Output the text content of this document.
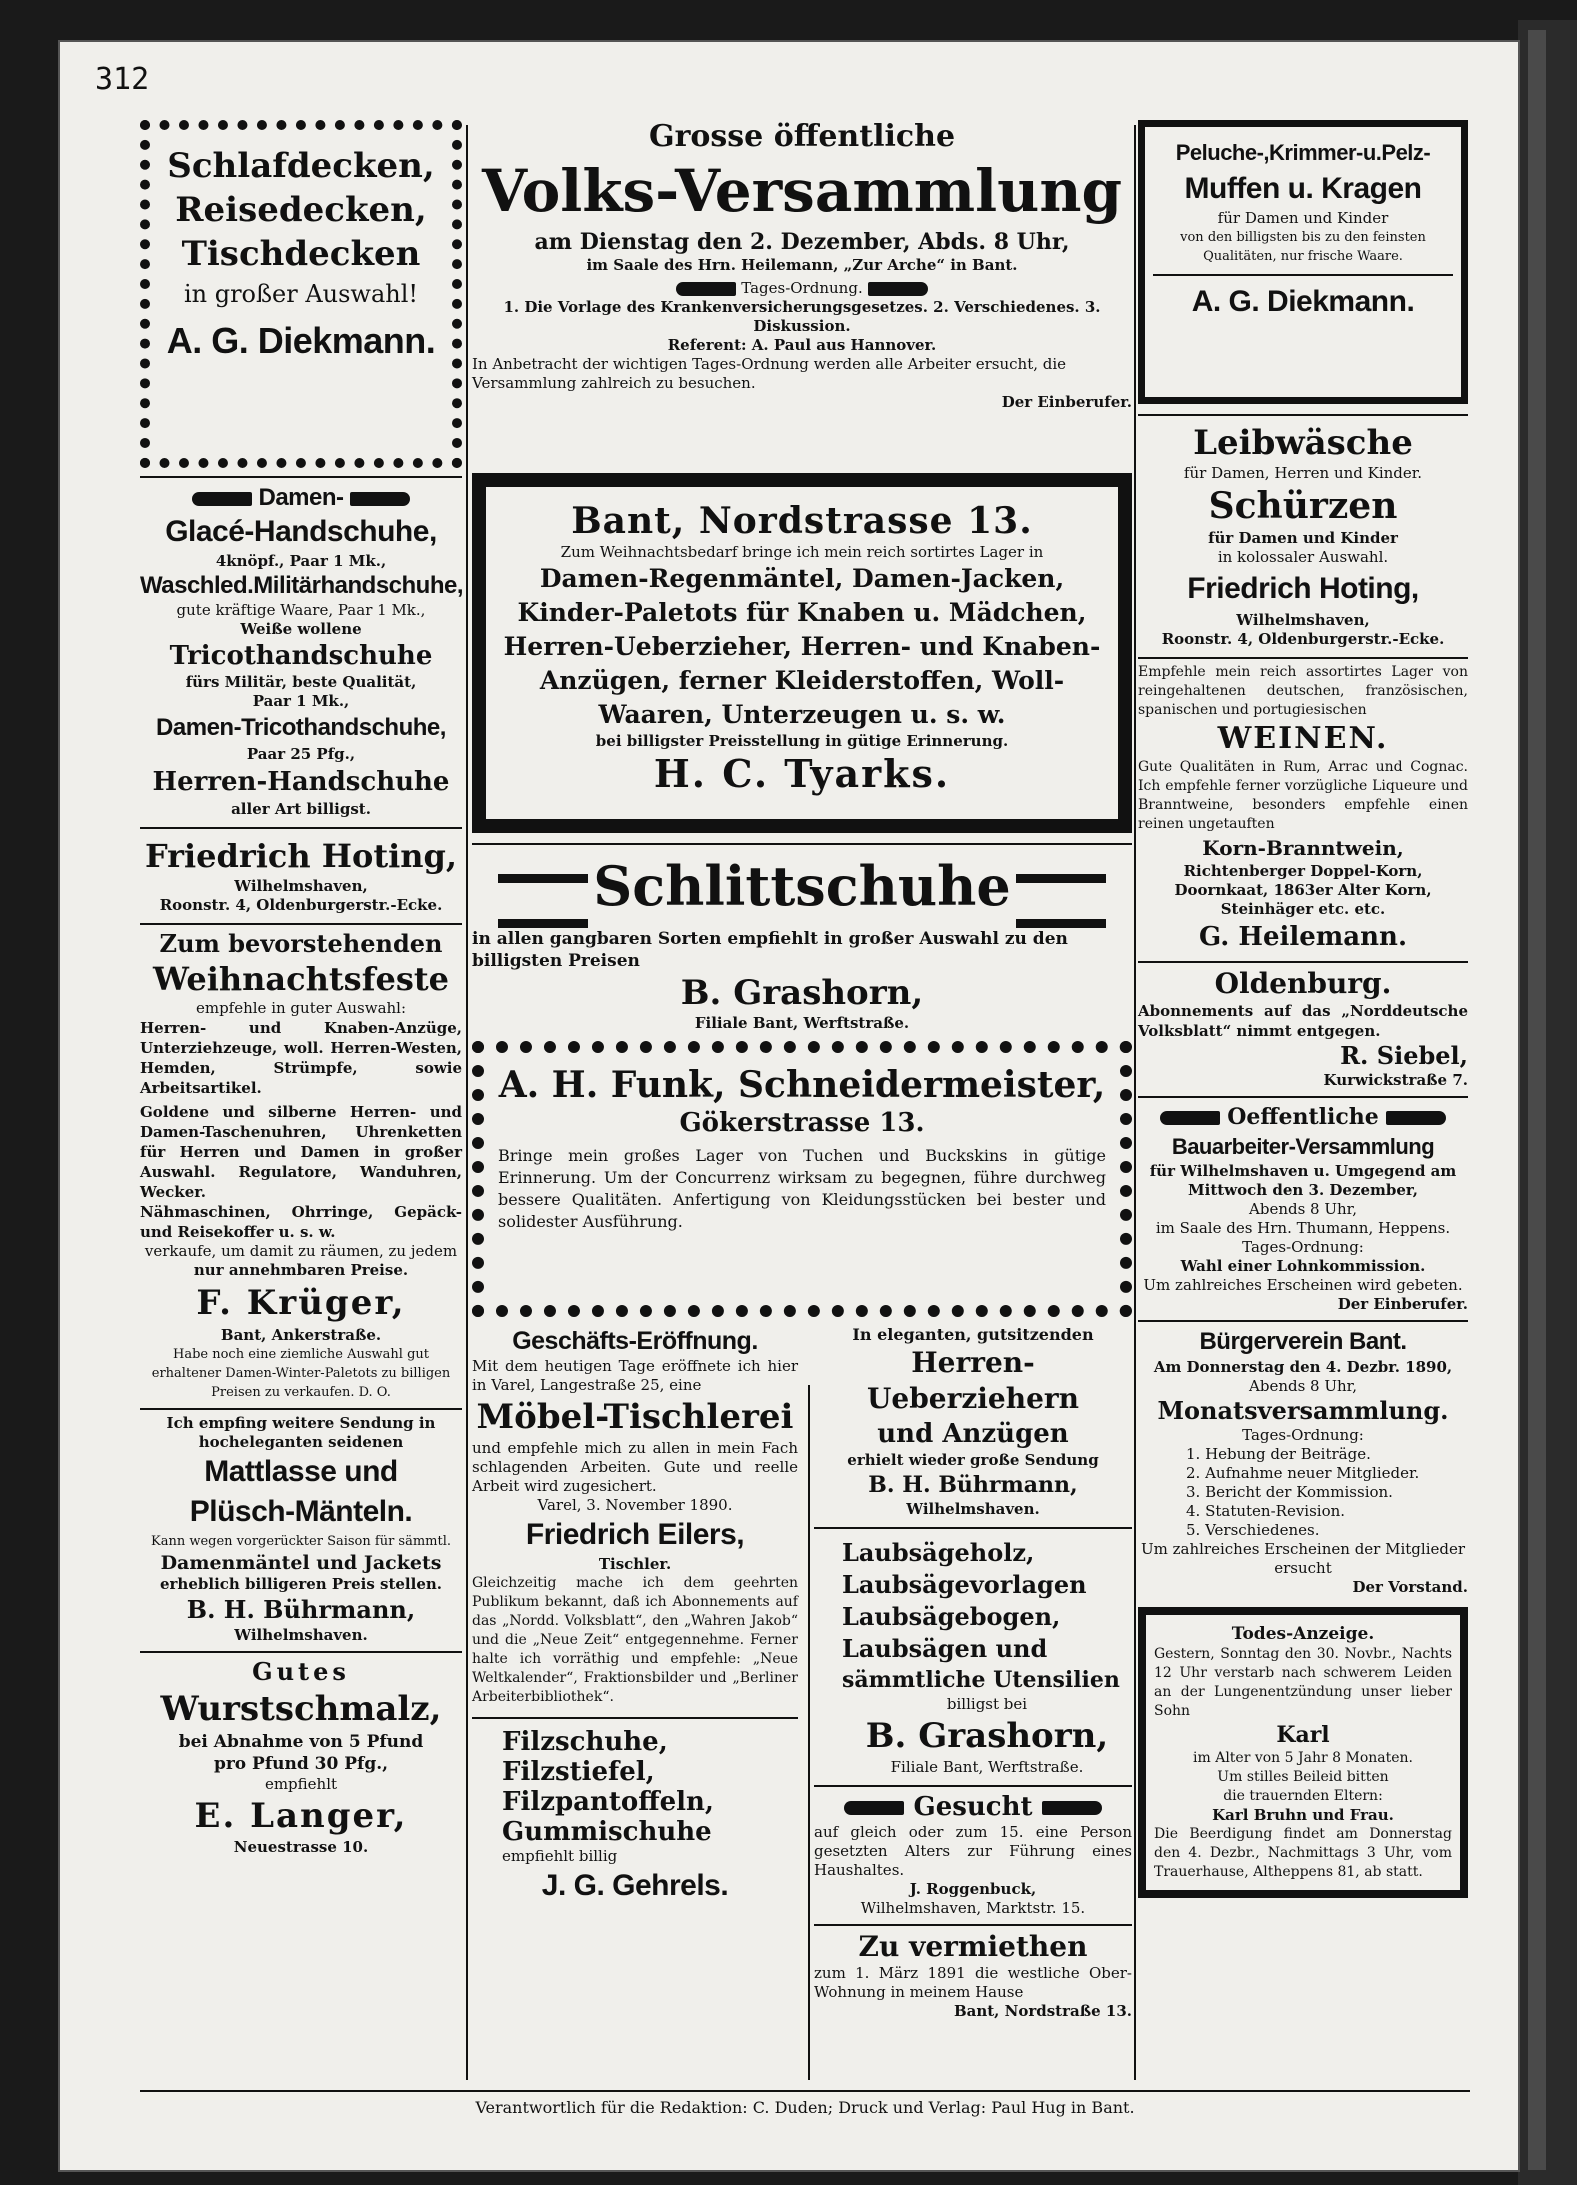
312
Schlafdecken,
Reisedecken,
Tischdecken
in großer Auswahl!
A. G. Diekmann.
Damen-
Glacé-Handschuhe,
4knöpf., Paar 1 Mk.,
Waschled.Militärhandschuhe,
gute kräftige Waare, Paar 1 Mk.,
Weiße wollene
Tricothandschuhe
fürs Militär, beste Qualität,
Paar 1 Mk.,
Damen-Tricothandschuhe,
Paar 25 Pfg.,
Herren-Handschuhe
aller Art billigst.
Friedrich Hoting,
Wilhelmshaven,
Roonstr. 4, Oldenburgerstr.-Ecke.
Zum bevorstehenden
Weihnachtsfeste
empfehle in guter Auswahl:
Herren- und Knaben-Anzüge, Unterziehzeuge, woll. Herren-Westen, Hemden, Strümpfe, sowie Arbeitsartikel.
Goldene und silberne Herren- und Damen-Taschenuhren, Uhrenketten für Herren und Damen in großer Auswahl. Regulatore, Wanduhren, Wecker.
Nähmaschinen, Ohrringe, Gepäck- und Reisekoffer u. s. w.
verkaufe, um damit zu räumen, zu jedem
nur annehmbaren Preise.
F. Krüger,
Bant, Ankerstraße.
Habe noch eine ziemliche Auswahl gut erhaltener Damen-Winter-Paletots zu billigen Preisen zu verkaufen. D. O.
Ich empfing weitere Sendung in hocheleganten seidenen
Mattlasse und
Plüsch-Mänteln.
Kann wegen vorgerückter Saison für sämmtl.
Damenmäntel und Jackets
erheblich billigeren Preis stellen.
B. H. Bührmann,
Wilhelmshaven.
Gutes
Wurstschmalz,
bei Abnahme von 5 Pfund
pro Pfund 30 Pfg.,
empfiehlt
E. Langer,
Neuestrasse 10.
Grosse öffentliche
Volks-Versammlung
am Dienstag den 2. Dezember, Abds. 8 Uhr,
im Saale des Hrn. Heilemann, „Zur Arche“ in Bant.
Tages-Ordnung.
1. Die Vorlage des Krankenversicherungsgesetzes. 2. Verschiedenes. 3. Diskussion.
Referent: A. Paul aus Hannover.
In Anbetracht der wichtigen Tages-Ordnung werden alle Arbeiter ersucht, die Versammlung zahlreich zu besuchen.
Der Einberufer.
Bant, Nordstrasse 13.
Zum Weihnachtsbedarf bringe ich mein reich sortirtes Lager in
Damen-Regenmäntel, Damen-Jacken, Kinder-Paletots für Knaben u. Mädchen, Herren-Ueberzieher, Herren- und Knaben-Anzügen, ferner Kleiderstoffen, Woll-Waaren, Unterzeugen u. s. w.
bei billigster Preisstellung in gütige Erinnerung.
H. C. Tyarks.
Schlittschuhe
in allen gangbaren Sorten empfiehlt in großer Auswahl zu den billigsten Preisen
B. Grashorn,
Filiale Bant, Werftstraße.
A. H. Funk, Schneidermeister,
Gökerstrasse 13.
Bringe mein großes Lager von Tuchen und Buckskins in gütige Erinnerung. Um der Concurrenz wirksam zu begegnen, führe durchweg bessere Qualitäten. Anfertigung von Kleidungsstücken bei bester und solidester Ausführung.
Geschäfts-Eröffnung.
Mit dem heutigen Tage eröffnete ich hier in Varel, Langestraße 25, eine
Möbel-Tischlerei
und empfehle mich zu allen in mein Fach schlagenden Arbeiten. Gute und reelle Arbeit wird zugesichert.
Varel, 3. November 1890.
Friedrich Eilers,
Tischler.
Gleichzeitig mache ich dem geehrten Publikum bekannt, daß ich Abonnements auf das „Nordd. Volksblatt“, den „Wahren Jakob“ und die „Neue Zeit“ entgegennehme. Ferner halte ich vorräthig und empfehle: „Neue Weltkalender“, Fraktionsbilder und „Berliner Arbeiterbibliothek“.
Filzschuhe,
Filzstiefel,
Filzpantoffeln,
Gummischuhe
empfiehlt billig
J. G. Gehrels.
In eleganten, gutsitzenden
Herren-Ueberziehern
und Anzügen
erhielt wieder große Sendung
B. H. Bührmann,
Wilhelmshaven.
Laubsägeholz,
Laubsägevorlagen
Laubsägebogen,
Laubsägen und
sämmtliche Utensilien
billigst bei
B. Grashorn,
Filiale Bant, Werftstraße.
Gesucht
auf gleich oder zum 15. eine Person gesetzten Alters zur Führung eines Haushaltes.
J. Roggenbuck,
Wilhelmshaven, Marktstr. 15.
Zu vermiethen
zum 1. März 1891 die westliche Ober-Wohnung in meinem Hause
Bant, Nordstraße 13.
Peluche-,Krimmer-u.Pelz-
Muffen u. Kragen
für Damen und Kinder
von den billigsten bis zu den feinsten Qualitäten, nur frische Waare.
A. G. Diekmann.
Leibwäsche
für Damen, Herren und Kinder.
Schürzen
für Damen und Kinder
in kolossaler Auswahl.
Friedrich Hoting,
Wilhelmshaven,
Roonstr. 4, Oldenburgerstr.-Ecke.
Empfehle mein reich assortirtes Lager von reingehaltenen deutschen, französischen, spanischen und portugiesischen
WEINEN.
Gute Qualitäten in Rum, Arrac und Cognac. Ich empfehle ferner vorzügliche Liqueure und Branntweine, besonders empfehle einen reinen ungetauften
Korn-Branntwein,
Richtenberger Doppel-Korn, Doornkaat, 1863er Alter Korn, Steinhäger etc. etc.
G. Heilemann.
Oldenburg.
Abonnements auf das „Norddeutsche Volksblatt“ nimmt entgegen.
R. Siebel,
Kurwickstraße 7.
Oeffentliche
Bauarbeiter-Versammlung
für Wilhelmshaven u. Umgegend am Mittwoch den 3. Dezember,
Abends 8 Uhr,
im Saale des Hrn. Thumann, Heppens.
Tages-Ordnung:
Wahl einer Lohnkommission.
Um zahlreiches Erscheinen wird gebeten.
Der Einberufer.
Bürgerverein Bant.
Am Donnerstag den 4. Dezbr. 1890,
Abends 8 Uhr,
Monatsversammlung.
Tages-Ordnung:
1. Hebung der Beiträge.
2. Aufnahme neuer Mitglieder.
3. Bericht der Kommission.
4. Statuten-Revision.
5. Verschiedenes.
Um zahlreiches Erscheinen der Mitglieder ersucht
Der Vorstand.
Todes-Anzeige.
Gestern, Sonntag den 30. Novbr., Nachts 12 Uhr verstarb nach schwerem Leiden an der Lungenentzündung unser lieber Sohn
Karl
im Alter von 5 Jahr 8 Monaten.
Um stilles Beileid bitten
die trauernden Eltern:
Karl Bruhn und Frau.
Die Beerdigung findet am Donnerstag den 4. Dezbr., Nachmittags 3 Uhr, vom Trauerhause, Altheppens 81, ab statt.
Verantwortlich für die Redaktion: C. Duden; Druck und Verlag: Paul Hug in Bant.
